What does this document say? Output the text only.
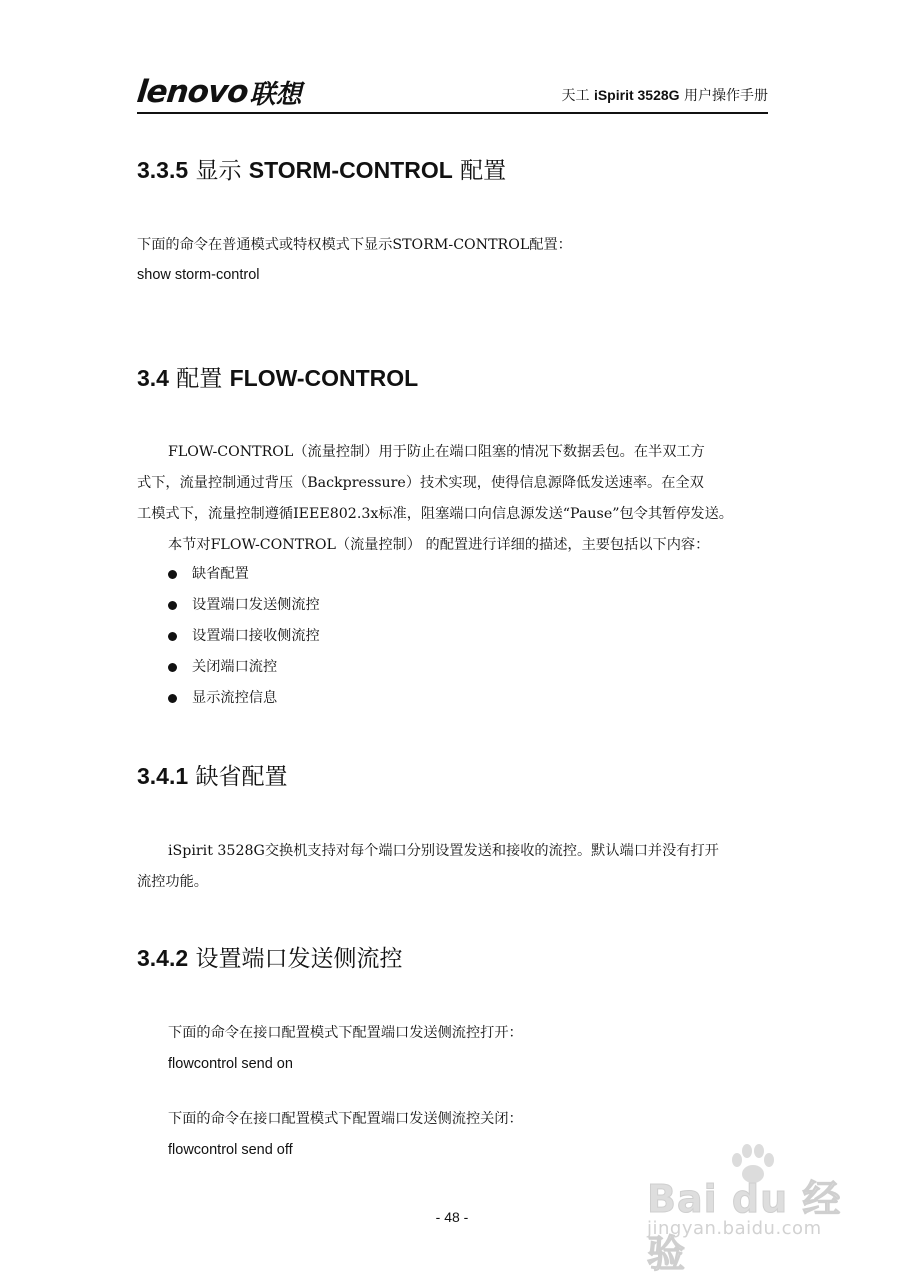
lenovo 联想	天工 iSpirit 3528G 用户操作手册
3.3.5 显示 STORM-CONTROL 配置
下面的命令在普通模式或特权模式下显示STORM-CONTROL配置：
show storm-control
3.4 配置 FLOW-CONTROL
FLOW-CONTROL（流量控制）用于防止在端口阻塞的情况下数据丢包。在半双工方
式下，流量控制通过背压（Backpressure）技术实现，使得信息源降低发送速率。在全双
工模式下，流量控制遵循IEEE802.3x标准，阻塞端口向信息源发送“Pause”包令其暂停发送。
本节对FLOW-CONTROL（流量控制） 的配置进行详细的描述，主要包括以下内容：
缺省配置
设置端口发送侧流控
设置端口接收侧流控
关闭端口流控
显示流控信息
3.4.1 缺省配置
iSpirit 3528G交换机支持对每个端口分别设置发送和接收的流控。默认端口并没有打开
流控功能。
3.4.2 设置端口发送侧流控
下面的命令在接口配置模式下配置端口发送侧流控打开：
flowcontrol send on
下面的命令在接口配置模式下配置端口发送侧流控关闭：
flowcontrol send off
- 48 -	Bai du 经验
jingyan.baidu.com
